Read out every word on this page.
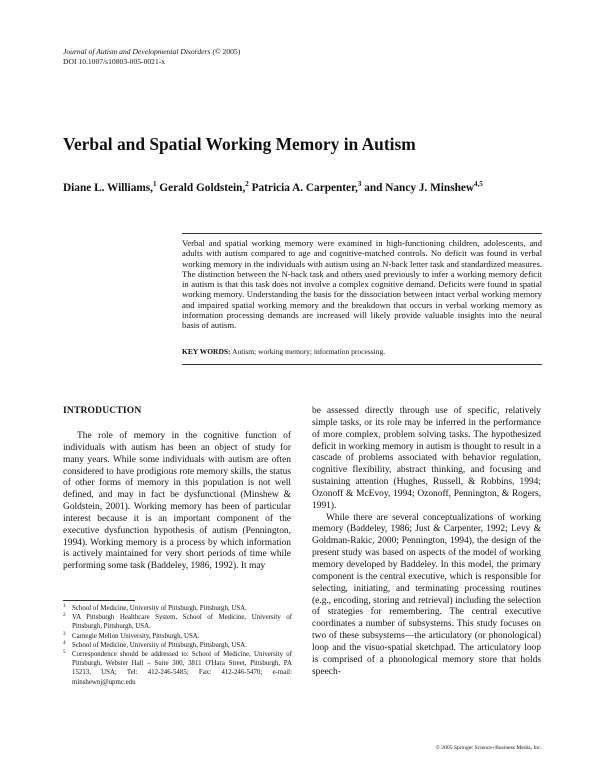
Journal of Autism and Developmental Disorders (© 2005)
DOI 10.1007/s10803-005-0021-x
Verbal and Spatial Working Memory in Autism
Diane L. Williams,$^1$ Gerald Goldstein,$^2$ Patricia A. Carpenter,$^3$ and Nancy J. Minshew$^{4,5}$

Verbal and spatial working memory were examined in high-functioning children, adolescents, and adults with autism compared to age and cognitive-matched controls. No deficit was found in verbal working memory in the individuals with autism using an N-back letter task and standardized measures. The distinction between the N-back task and others used previously to infer a working memory deficit in autism is that this task does not involve a complex cognitive demand. Deficits were found in spatial working memory. Understanding the basis for the dissociation between intact verbal working memory and impaired spatial working memory and the breakdown that occurs in verbal working memory as information processing demands are increased will likely provide valuable insights into the neural basis of autism.

KEY WORDS: Autism; working memory; information processing.
INTRODUCTION

The role of memory in the cognitive function of individuals with autism has been an object of study for many years. While some individuals with autism are often considered to have prodigious rote memory skills, the status of other forms of memory in this population is not well defined, and may in fact be dysfunctional (Minshew & Goldstein, 2001). Working memory has been of particular interest because it is an important component of the executive dysfunction hypothesis of autism (Pennington, 1994). Working memory is a process by which information is actively maintained for very short periods of time while performing some task (Baddeley, 1986, 1992). It may

be assessed directly through use of specific, relatively simple tasks, or its role may be inferred in the performance of more complex, problem solving tasks. The hypothesized deficit in working memory in autism is thought to result in a cascade of problems associated with behavior regulation, cognitive flexibility, abstract thinking, and focusing and sustaining attention (Hughes, Russell, & Robbins, 1994; Ozonoff & McEvoy, 1994; Ozonoff, Pennington, & Rogers, 1991).

While there are several conceptualizations of working memory (Baddeley, 1986; Just & Carpenter, 1992; Levy & Goldman-Rakic, 2000; Pennington, 1994), the design of the present study was based on aspects of the model of working memory developed by Baddeley. In this model, the primary component is the central executive, which is responsible for selecting, initiating, and terminating processing routines (e.g., encoding, storing and retrieval) including the selection of strategies for remembering. The central executive coordinates a number of subsystems. This study focuses on two of these subsystems—the articulatory (or phonological) loop and the visuo-spatial sketchpad. The articulatory loop is comprised of a phonological memory store that holds speech-

1 School of Medicine, University of Pittsburgh, Pittsburgh, USA.
2 VA Pittsburgh Healthcare System, School of Medicine, University of Pittsburgh, Pittsburgh, USA.
3 Carnegie Mellon University, Pittsburgh, USA.
4 School of Medicine, University of Pittsburgh, Pittsburgh, USA.
5 Correspondence should be addressed to: School of Medicine, University of Pittsburgh, Webster Hall – Suite 300, 3811 O'Hara Street, Pittsburgh, PA 15213, USA; Tel: 412-246-5485; Fax: 412-246-5470; e-mail: minshewnj@upmc.edu
© 2005 Springer Science+Business Media, Inc.
